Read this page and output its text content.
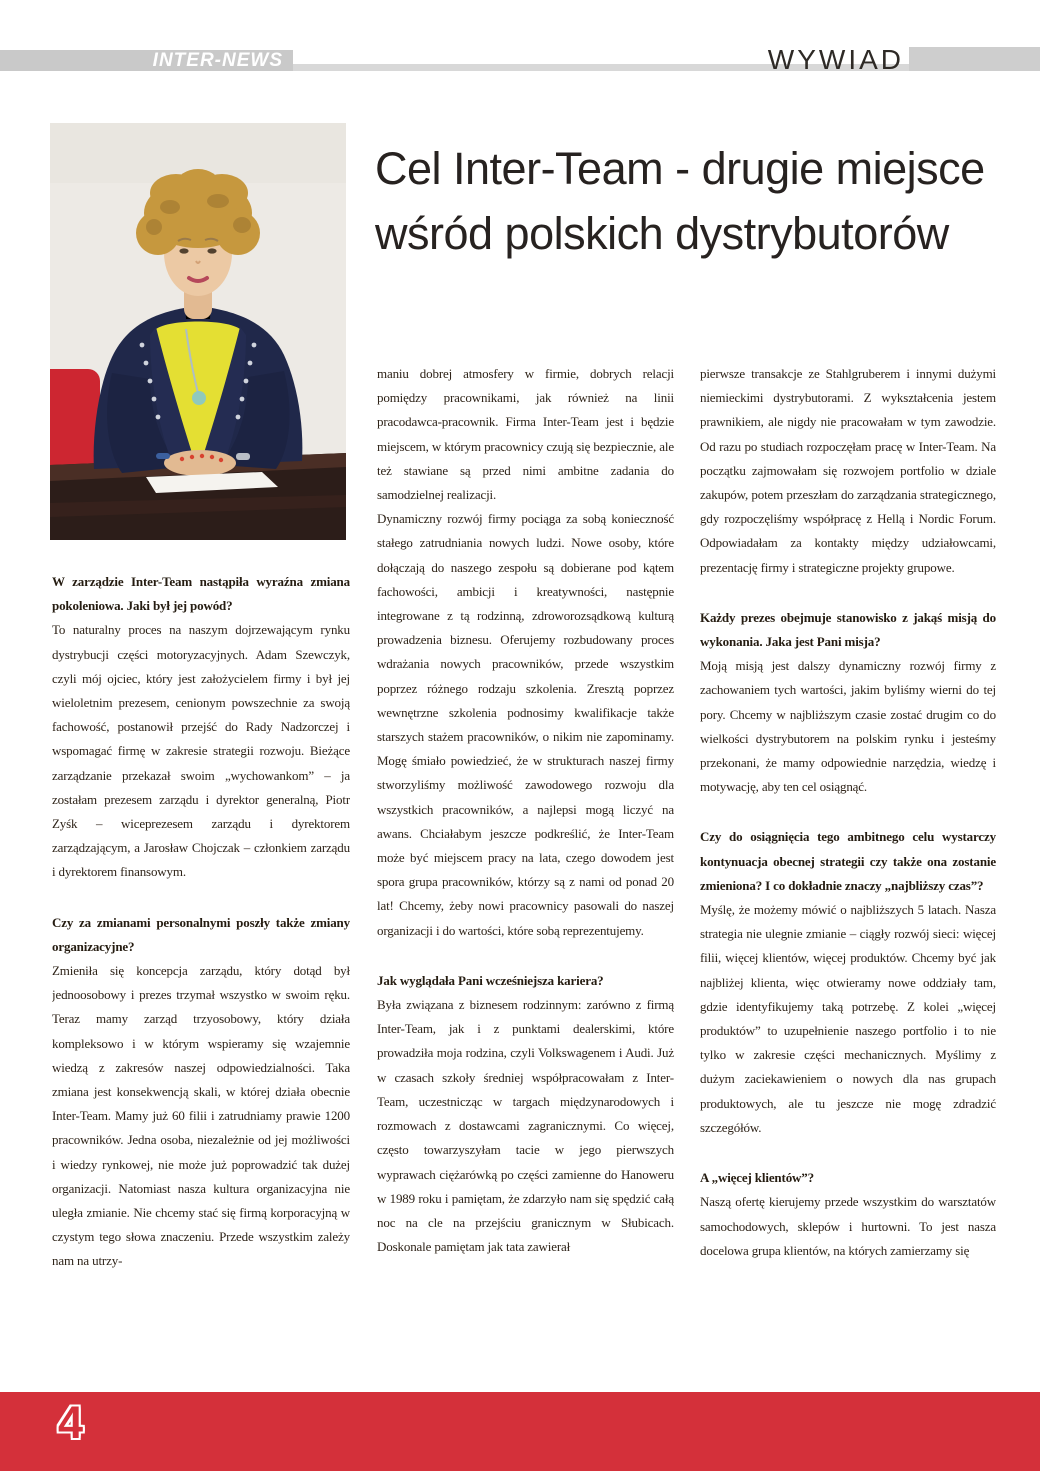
INTER-NEWS	WYWIAD
Cel Inter-Team - drugie miejsce wśród polskich dystrybutorów

W zarządzie Inter-Team nastąpiła wyraźna zmiana pokoleniowa. Jaki był jej powód?

To naturalny proces na naszym dojrzewającym rynku dystrybucji części motoryzacyjnych. Adam Szewczyk, czyli mój ojciec, który jest założycielem firmy i był jej wieloletnim prezesem, cenionym powszechnie za swoją fachowość, postanowił przejść do Rady Nadzorczej i wspomagać firmę w zakresie strategii rozwoju. Bieżące zarządzanie przekazał swoim „wychowankom” – ja zostałam prezesem zarządu i dyrektor generalną, Piotr Zyśk – wiceprezesem zarządu i dyrektorem zarządzającym, a Jarosław Chojczak – członkiem zarządu i dyrektorem finansowym.

Czy za zmianami personalnymi poszły także zmiany organizacyjne?

Zmieniła się koncepcja zarządu, który dotąd był jednoosobowy i prezes trzymał wszystko w swoim ręku. Teraz mamy zarząd trzyosobowy, który działa kompleksowo i w którym wspieramy się wzajemnie wiedzą z zakresów naszej odpowiedzialności. Taka zmiana jest konsekwencją skali, w której działa obecnie Inter-Team. Mamy już 60 filii i zatrudniamy prawie 1200 pracowników. Jedna osoba, niezależnie od jej możliwości i wiedzy rynkowej, nie może już poprowadzić tak dużej organizacji. Natomiast nasza kultura organizacyjna nie uległa zmianie. Nie chcemy stać się firmą korporacyjną w czystym tego słowa znaczeniu. Przede wszystkim zależy nam na utrzy-

maniu dobrej atmosfery w firmie, dobrych relacji pomiędzy pracownikami, jak również na linii pracodawca-pracownik. Firma Inter-Team jest i będzie miejscem, w którym pracownicy czują się bezpiecznie, ale też stawiane są przed nimi ambitne zadania do samodzielnej realizacji.

Dynamiczny rozwój firmy pociąga za sobą konieczność stałego zatrudniania nowych ludzi. Nowe osoby, które dołączają do naszego zespołu są dobierane pod kątem fachowości, ambicji i kreatywności, następnie integrowane z tą rodzinną, zdroworozsądkową kulturą prowadzenia biznesu. Oferujemy rozbudowany proces wdrażania nowych pracowników, przede wszystkim poprzez różnego rodzaju szkolenia. Zresztą poprzez wewnętrzne szkolenia podnosimy kwalifikacje także starszych stażem pracowników, o nikim nie zapominamy. Mogę śmiało powiedzieć, że w strukturach naszej firmy stworzyliśmy możliwość zawodowego rozwoju dla wszystkich pracowników, a najlepsi mogą liczyć na awans. Chciałabym jeszcze podkreślić, że Inter-Team może być miejscem pracy na lata, czego dowodem jest spora grupa pracowników, którzy są z nami od ponad 20 lat! Chcemy, żeby nowi pracownicy pasowali do naszej organizacji i do wartości, które sobą reprezentujemy.

Jak wyglądała Pani wcześniejsza kariera?

Była związana z biznesem rodzinnym: zarówno z firmą Inter-Team, jak i z punktami dealerskimi, które prowadziła moja rodzina, czyli Volkswagenem i Audi. Już w czasach szkoły średniej współpracowałam z Inter-Team, uczestnicząc w targach międzynarodowych i rozmowach z dostawcami zagranicznymi. Co więcej, często towarzyszyłam tacie w jego pierwszych wyprawach ciężarówką po części zamienne do Hanoweru w 1989 roku i pamiętam, że zdarzyło nam się spędzić całą noc na cle na przejściu granicznym w Słubicach. Doskonale pamiętam jak tata zawierał

pierwsze transakcje ze Stahlgruberem i innymi dużymi niemieckimi dystrybutorami. Z wykształcenia jestem prawnikiem, ale nigdy nie pracowałam w tym zawodzie. Od razu po studiach rozpoczęłam pracę w Inter-Team. Na początku zajmowałam się rozwojem portfolio w dziale zakupów, potem przeszłam do zarządzania strategicznego, gdy rozpoczęliśmy współpracę z Hellą i Nordic Forum. Odpowiadałam za kontakty między udziałowcami, prezentację firmy i strategiczne projekty grupowe.

Każdy prezes obejmuje stanowisko z jakąś misją do wykonania. Jaka jest Pani misja?

Moją misją jest dalszy dynamiczny rozwój firmy z zachowaniem tych wartości, jakim byliśmy wierni do tej pory. Chcemy w najbliższym czasie zostać drugim co do wielkości dystrybutorem na polskim rynku i jesteśmy przekonani, że mamy odpowiednie narzędzia, wiedzę i motywację, aby ten cel osiągnąć.

Czy do osiągnięcia tego ambitnego celu wystarczy kontynuacja obecnej strategii czy także ona zostanie zmieniona? I co dokładnie znaczy „najbliższy czas”?

Myślę, że możemy mówić o najbliższych 5 latach. Nasza strategia nie ulegnie zmianie – ciągły rozwój sieci: więcej filii, więcej klientów, więcej produktów. Chcemy być jak najbliżej klienta, więc otwieramy nowe oddziały tam, gdzie identyfikujemy taką potrzebę. Z kolei „więcej produktów” to uzupełnienie naszego portfolio i to nie tylko w zakresie części mechanicznych. Myślimy z dużym zaciekawieniem o nowych dla nas grupach produktowych, ale tu jeszcze nie mogę zdradzić szczegółów.

A „więcej klientów”?

Naszą ofertę kierujemy przede wszystkim do warsztatów samochodowych, sklepów i hurtowni. To jest nasza docelowa grupa klientów, na których zamierzamy się

4
